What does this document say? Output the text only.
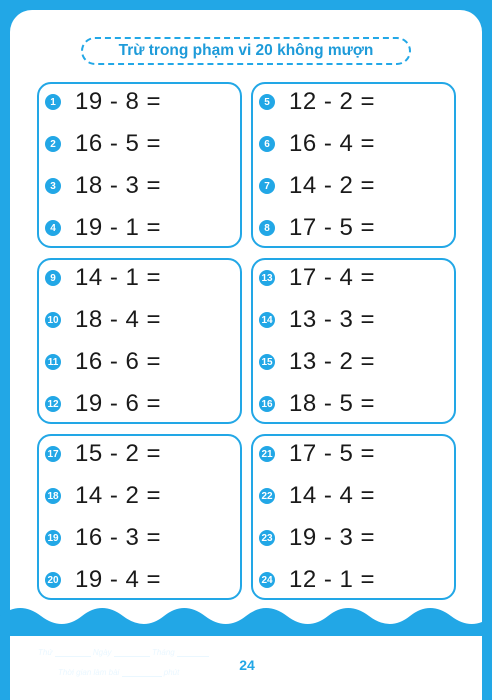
Trừ trong phạm vi 20 không mượn
1 19 - 8 =
2 16 - 5 =
3 18 - 3 =
4 19 - 1 =
5 12 - 2 =
6 16 - 4 =
7 14 - 2 =
8 17 - 5 =
9 14 - 1 =
10 18 - 4 =
11 16 - 6 =
12 19 - 6 =
13 17 - 4 =
14 13 - 3 =
15 13 - 2 =
16 18 - 5 =
17 15 - 2 =
18 14 - 2 =
19 16 - 3 =
20 19 - 4 =
21 17 - 5 =
22 14 - 4 =
23 19 - 3 =
24 12 - 1 =
Thứ	Ngày	Tháng
Thời gian làm bài	phút	24	Giỏi lắm!	Rất tốt!	Cố lên!
